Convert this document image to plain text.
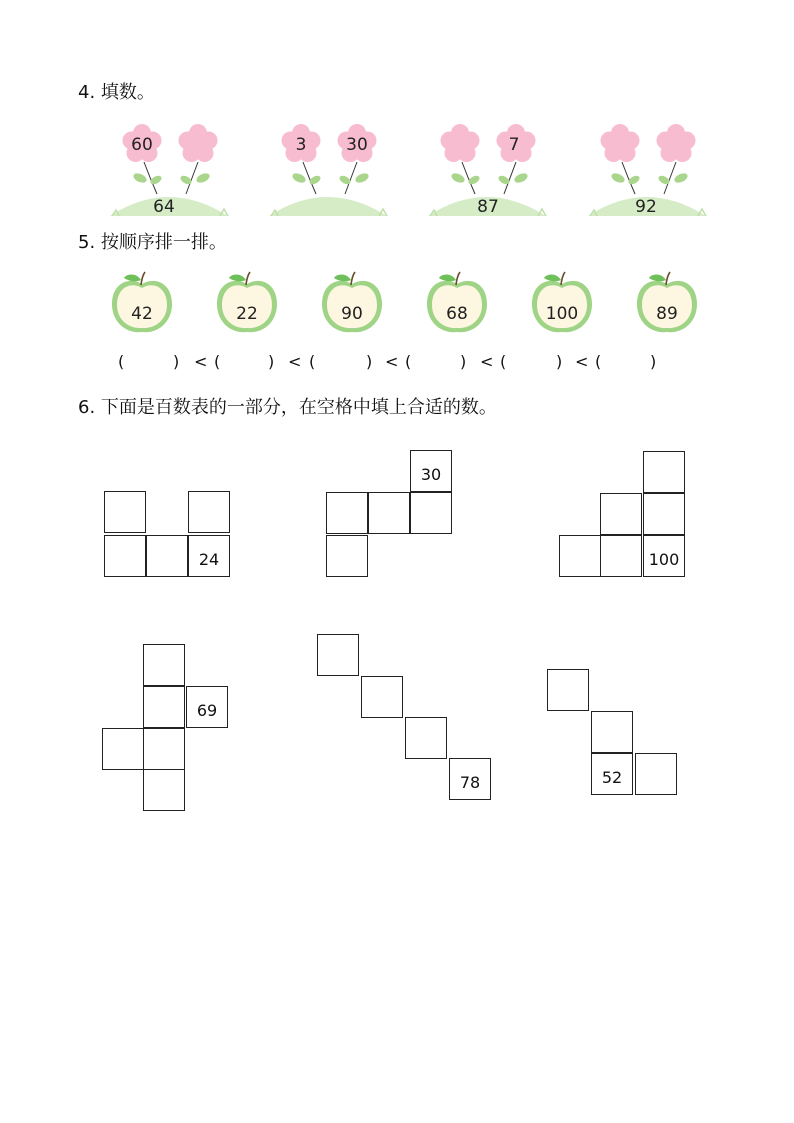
4. 填数。
60
64
3	30	7
87	92
5. 按顺序排一排。
42	22	90	68	100	89
(	) < (	) < (	) < (	) < (	) < (	)
6. 下面是百数表的一部分，在空格中填上合适的数。
24
30
100
69
78	52
